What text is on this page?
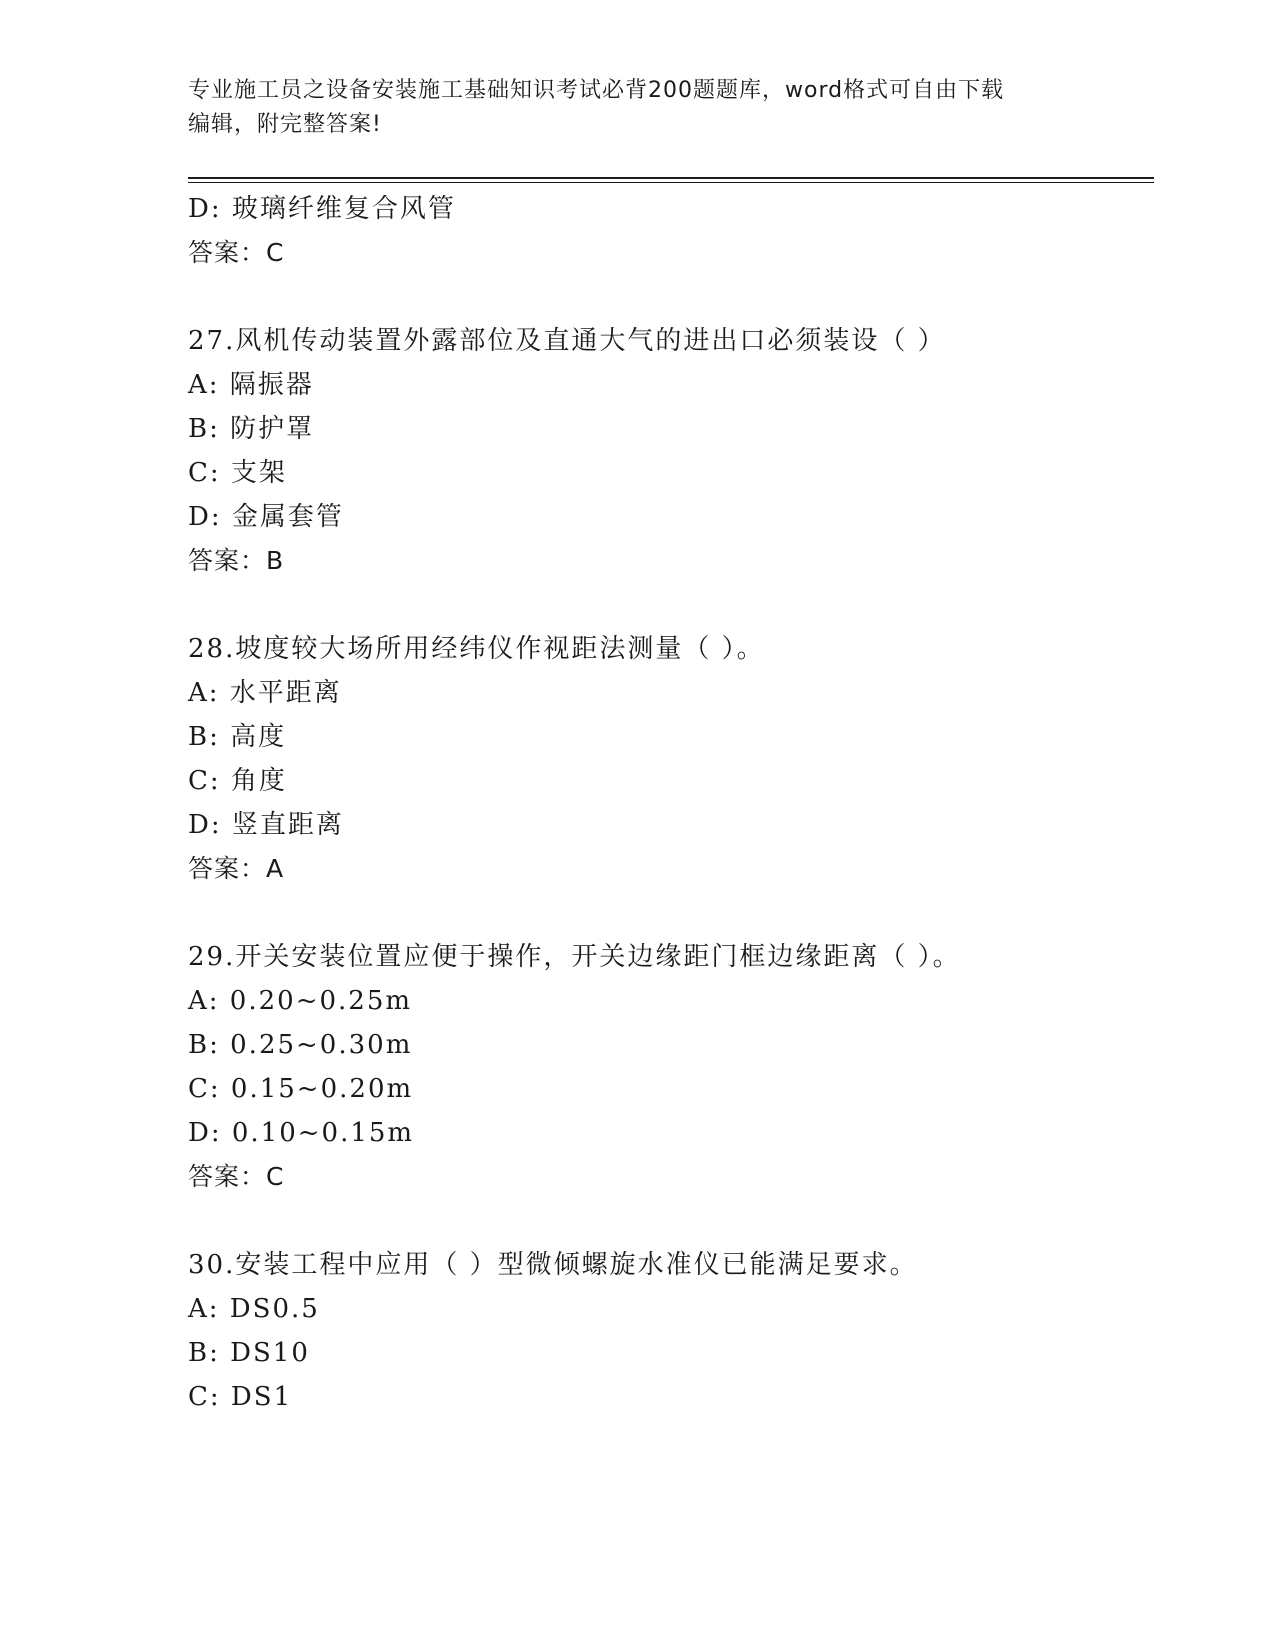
专业施工员之设备安装施工基础知识考试必背200题题库，word格式可自由下载
编辑，附完整答案!
D: 玻璃纤维复合风管
答案：C
27.风机传动装置外露部位及直通大气的进出口必须装设（ ）
A: 隔振器
B: 防护罩
C: 支架
D: 金属套管
答案：B
28.坡度较大场所用经纬仪作视距法测量（ ）。
A: 水平距离
B: 高度
C: 角度
D: 竖直距离
答案：A
29.开关安装位置应便于操作，开关边缘距门框边缘距离（ ）。
A: 0.20~0.25m
B: 0.25~0.30m
C: 0.15~0.20m
D: 0.10~0.15m
答案：C
30.安装工程中应用（ ）型微倾螺旋水准仪已能满足要求。
A: DS0.5
B: DS10
C: DS1
